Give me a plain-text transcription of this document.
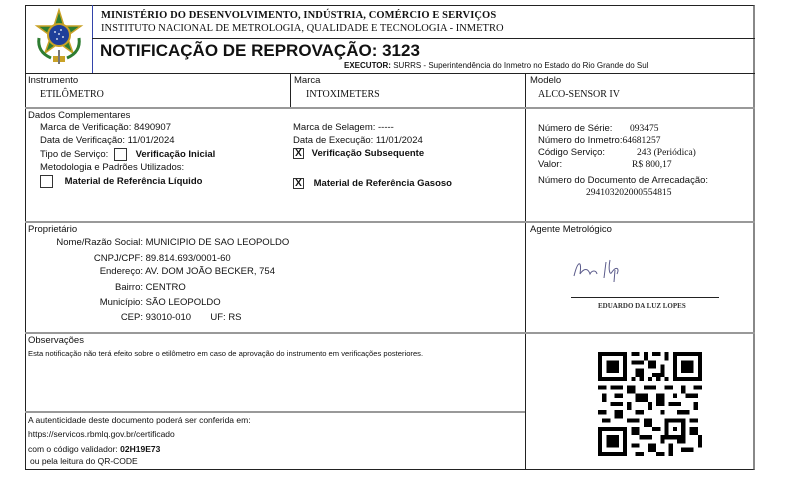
MINISTÉRIO DO DESENVOLVIMENTO, INDÚSTRIA, COMÉRCIO E SERVIÇOS
INSTITUTO NACIONAL DE METROLOGIA, QUALIDADE E TECNOLOGIA - INMETRO
NOTIFICAÇÃO DE REPROVAÇÃO: 3123
EXECUTOR: SURRS - Superintendência do Inmetro no Estado do Rio Grande do Sul
Instrumento
ETILÔMETRO
Marca
INTOXIMETERS
Modelo
ALCO-SENSOR IV
Dados Complementares
Marca de Verificação: 8490907
Data de Verificação: 11/01/2024
Tipo de Serviço:	Verificação Inicial
Metodologia e Padrões Utilizados:
Material de Referência Líquido
Marca de Selagem: -----
Data de Execução: 11/01/2024
X Verificação Subsequente
X Material de Referência Gasoso
Número de Série: 093475
Número do Inmetro:64681257
Código Serviço:	243 (Periódica)
Valor:	R$ 800,17
Número do Documento de Arrecadação:
294103202000554815
Proprietário
Nome/Razão Social: MUNICIPIO DE SAO LEOPOLDO
CNPJ/CPF: 89.814.693/0001-60
Endereço: AV. DOM JOÃO BECKER, 754
Bairro: CENTRO
Município: SÃO LEOPOLDO
CEP: 93010-010 UF: RS
Agente Metrológico
EDUARDO DA LUZ LOPES
Observações
Esta notificação não terá efeito sobre o etilômetro em caso de aprovação do instrumento em verificações posteriores.
A autenticidade deste documento poderá ser conferida em:
https://servicos.rbmlq.gov.br/certificado
com o código validador: 02H19E73
ou pela leitura do QR-CODE
